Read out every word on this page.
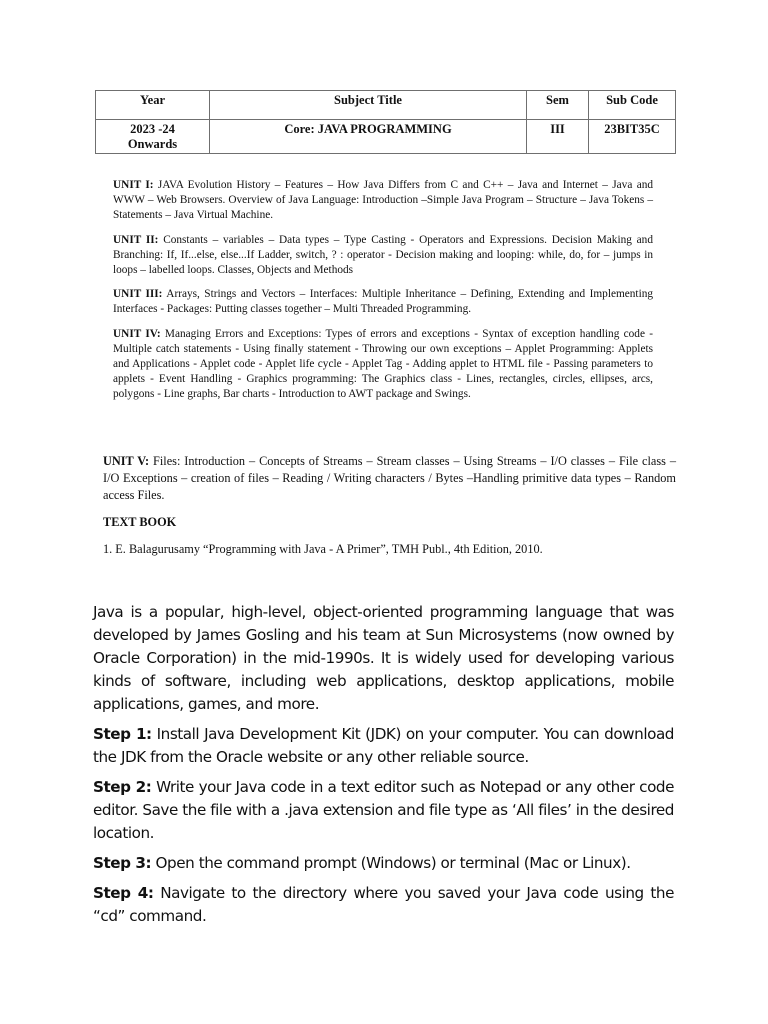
Year	Subject Title	Sem	Sub Code

2023 -24
Onwards	Core: JAVA PROGRAMMING	III	23BIT35C

UNIT I: JAVA Evolution History – Features – How Java Differs from C and C++ – Java and Internet – Java and WWW – Web Browsers. Overview of Java Language: Introduction –Simple Java Program – Structure – Java Tokens – Statements – Java Virtual Machine.

UNIT II: Constants – variables – Data types – Type Casting - Operators and Expressions. Decision Making and Branching: If, If...else, else...If Ladder, switch, ? : operator - Decision making and looping: while, do, for – jumps in loops – labelled loops. Classes, Objects and Methods

UNIT III: Arrays, Strings and Vectors – Interfaces: Multiple Inheritance – Defining, Extending and Implementing Interfaces - Packages: Putting classes together – Multi Threaded Programming.

UNIT IV: Managing Errors and Exceptions: Types of errors and exceptions - Syntax of exception handling code - Multiple catch statements - Using finally statement - Throwing our own exceptions – Applet Programming: Applets and Applications - Applet code - Applet life cycle - Applet Tag - Adding applet to HTML file - Passing parameters to applets - Event Handling - Graphics programming: The Graphics class - Lines, rectangles, circles, ellipses, arcs, polygons - Line graphs, Bar charts - Introduction to AWT package and Swings.

UNIT V: Files: Introduction – Concepts of Streams – Stream classes – Using Streams – I/O classes – File class – I/O Exceptions – creation of files – Reading / Writing characters / Bytes –Handling primitive data types – Random access Files.

TEXT BOOK

1. E. Balagurusamy “Programming with Java - A Primer”, TMH Publ., 4th Edition, 2010.

Java is a popular, high-level, object-oriented programming language that was developed by James Gosling and his team at Sun Microsystems (now owned by Oracle Corporation) in the mid-1990s. It is widely used for developing various kinds of software, including web applications, desktop applications, mobile applications, games, and more.

Step 1: Install Java Development Kit (JDK) on your computer. You can download the JDK from the Oracle website or any other reliable source.

Step 2: Write your Java code in a text editor such as Notepad or any other code editor. Save the file with a .java extension and file type as ‘All files’ in the desired location.

Step 3: Open the command prompt (Windows) or terminal (Mac or Linux).

Step 4: Navigate to the directory where you saved your Java code using the “cd” command.
